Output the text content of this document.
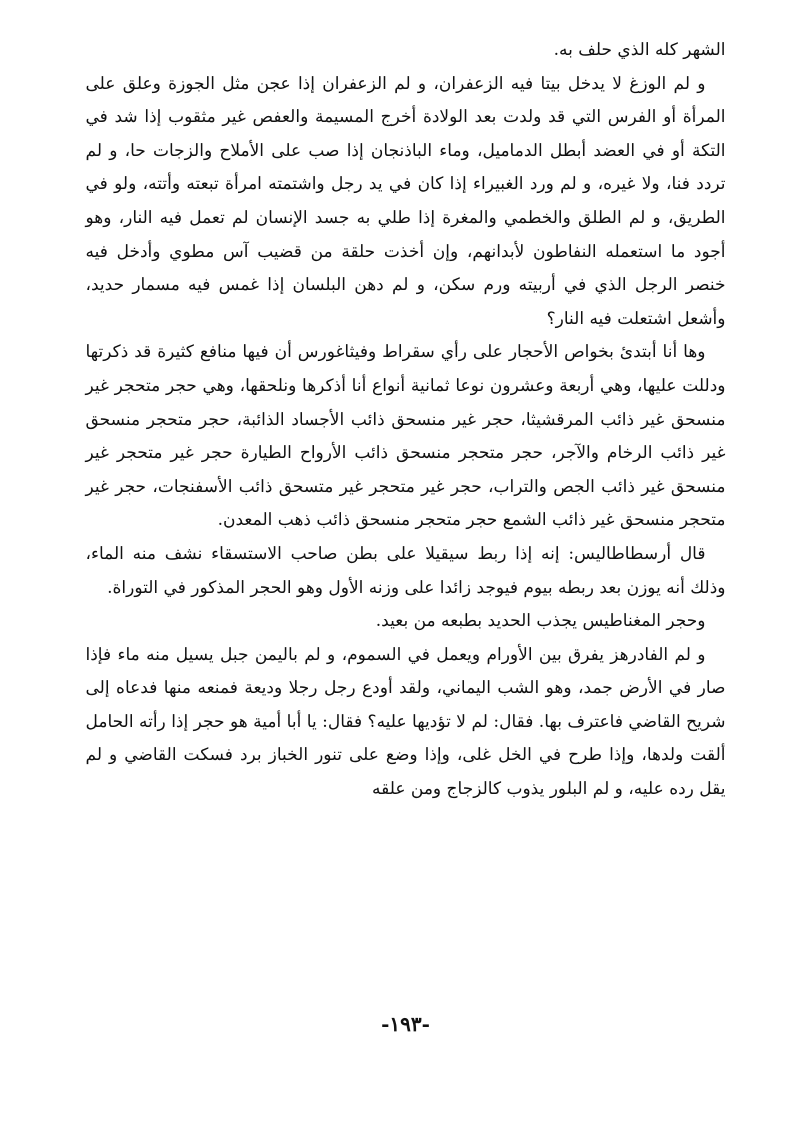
الشهر كله الذي حلف به.

و لم الوزغ لا يدخل بيتا فيه الزعفران، و لم الزعفران إذا عجن مثل الجوزة وعلق على المرأة أو الفرس التي قد ولدت بعد الولادة أخرج المسيمة والعفص غير مثقوب إذا شد في التكة أو في العضد أبطل الدماميل، وماء الباذنجان إذا صب على الأملاح والزجات حا، و لم تردد فنا، ولا غيره، و لم ورد الغبيراء إذا كان في يد رجل واشتمته امرأة تبعته وأتته، ولو في الطريق، و لم الطلق والخطمي والمغرة إذا طلي به جسد الإنسان لم تعمل فيه النار، وهو أجود ما استعمله النفاطون لأبدانهم، وإن أخذت حلقة من قضيب آس مطوي وأدخل فيه خنصر الرجل الذي في أربيته ورم سكن، و لم دهن البلسان إذا غمس فيه مسمار حديد، وأشعل اشتعلت فيه النار؟

وها أنا أبتدئ بخواص الأحجار على رأي سقراط وفيثاغورس أن فيها منافع كثيرة قد ذكرتها ودللت عليها، وهي أربعة وعشرون نوعا ثمانية أنواع أنا أذكرها ونلحقها، وهي حجر متحجر غير منسحق غير ذائب المرقشيثا، حجر غير منسحق ذائب الأجساد الذائبة، حجر متحجر منسحق غير ذائب الرخام والآجر، حجر متحجر منسحق ذائب الأرواح الطيارة حجر غير متحجر غير منسحق غير ذائب الجص والتراب، حجر غير متحجر غير متسحق ذائب الأسفنجات، حجر غير متحجر منسحق غير ذائب الشمع حجر متحجر منسحق ذائب ذهب المعدن.

قال أرسطاطاليس: إنه إذا ربط سيقيلا على بطن صاحب الاستسقاء نشف منه الماء، وذلك أنه يوزن بعد ربطه بيوم فيوجد زائدا على وزنه الأول وهو الحجر المذكور في التوراة.

وحجر المغناطيس يجذب الحديد بطبعه من بعيد.

و لم الفادرهز يفرق بين الأورام ويعمل في السموم، و لم باليمن جبل يسيل منه ماء فإذا صار في الأرض جمد، وهو الشب اليماني، ولقد أودع رجل رجلا وديعة فمنعه منها فدعاه إلى شريح القاضي فاعترف بها. فقال: لم لا تؤديها عليه؟ فقال: يا أبا أمية هو حجر إذا رأته الحامل ألقت ولدها، وإذا طرح في الخل غلى، وإذا وضع على تنور الخباز برد فسكت القاضي و لم يقل رده عليه، و لم البلور يذوب كالزجاج ومن علقه

-١٩٣-
